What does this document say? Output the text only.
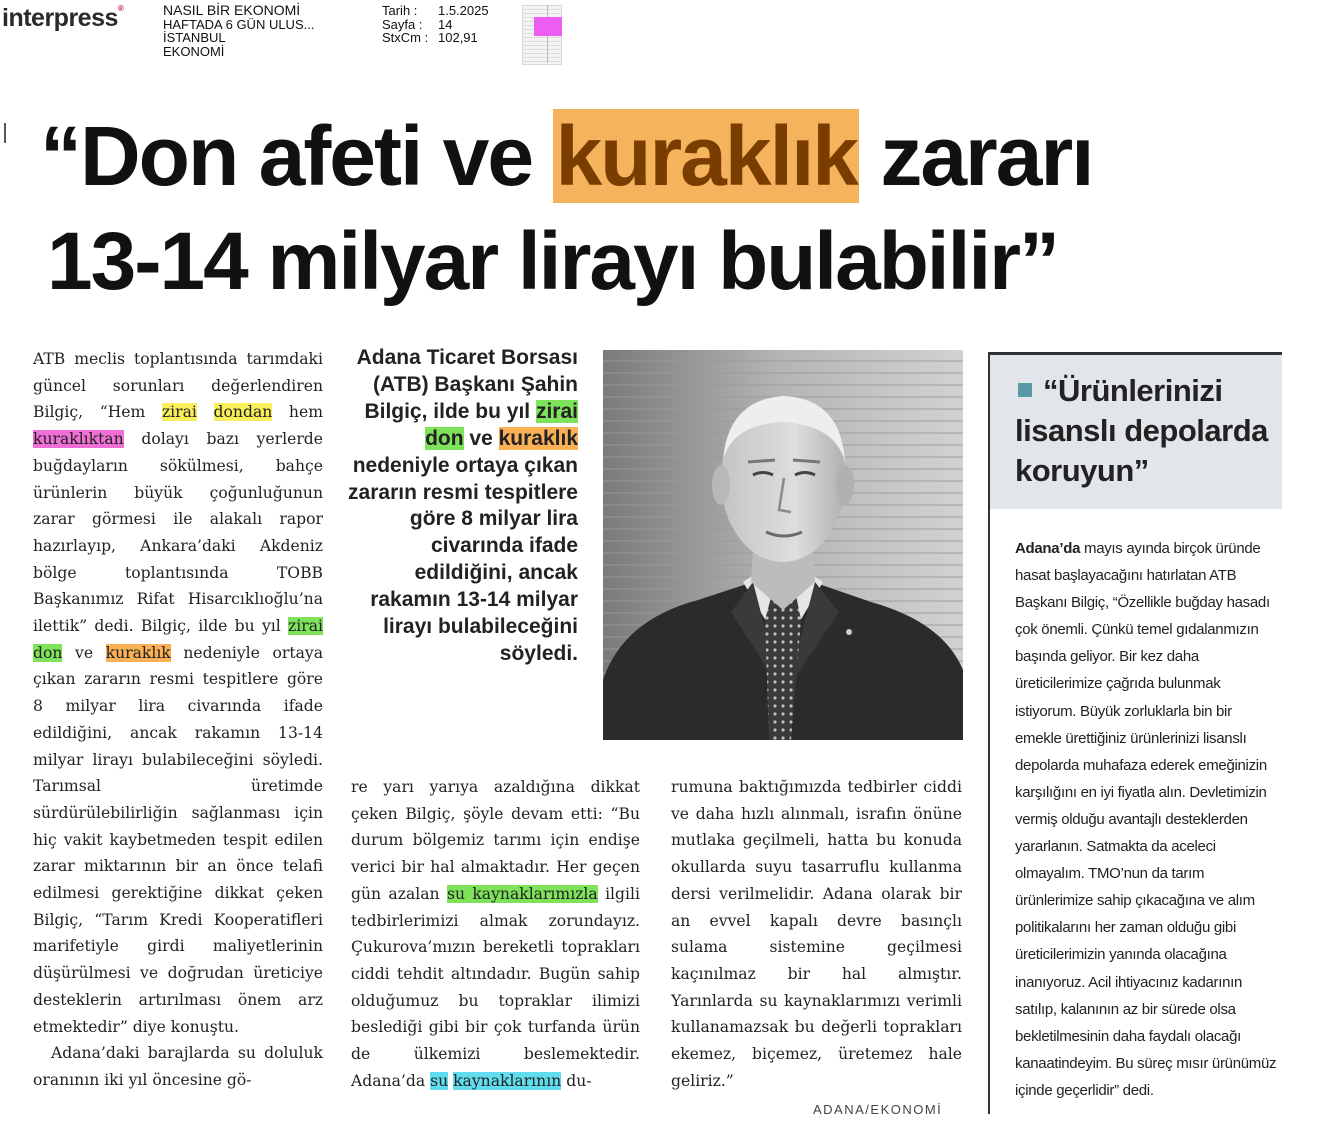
interpress®	NASIL BİR EKONOMİ
HAFTADA 6 GÜN ULUS...
İSTANBUL
EKONOMİ
Tarih : 1.5.2025
Sayfa : 14
StxCm : 102,91
“Don afeti ve kuraklık zararı
13-14 milyar lirayı bulabilir”

ATB meclis toplantısında tarımdaki güncel sorunları değerlendiren Bilgiç, “Hem zirai dondan hem kuraklıktan dolayı bazı yerlerde buğdayların sökülmesi, bahçe ürünlerin büyük çoğunluğunun zarar görmesi ile alakalı rapor hazırlayıp, Ankara’daki Akdeniz bölge toplantısında TOBB Başkanımız Rifat Hisarcıklıoğlu’na ilettik” dedi. Bilgiç, ilde bu yıl zirai don ve kuraklık nedeniyle ortaya çıkan zararın resmi tespitlere göre 8 milyar lira civarında ifade edildiğini, ancak rakamın 13-14 milyar lirayı bulabileceğini söyledi. Tarımsal üretimde sürdürülebilirliğin sağlanması için hiç vakit kaybetmeden tespit edilen zarar miktarının bir an önce telafi edilmesi gerektiğine dikkat çeken Bilgiç, “Tarım Kredi Kooperatifleri marifetiyle girdi maliyetlerinin düşürülmesi ve doğrudan üreticiye desteklerin artırılması önem arz etmektedir” diye konuştu.

Adana’daki barajlarda su doluluk oranının iki yıl öncesine gö-

Adana Ticaret Borsası (ATB) Başkanı Şahin Bilgiç, ilde bu yıl zirai don ve kuraklık nedeniyle ortaya çıkan zararın resmi tespitlere göre 8 milyar lira civarında ifade edildiğini, ancak rakamın 13-14 milyar lirayı bulabileceğini söyledi.

re yarı yarıya azaldığına dikkat çeken Bilgiç, şöyle devam etti: “Bu durum bölgemiz tarımı için endişe verici bir hal almaktadır. Her geçen gün azalan su kaynaklarımızla ilgili tedbirlerimizi almak zorundayız. Çukurova’mızın bereketli toprakları ciddi tehdit altındadır. Bugün sahip olduğumuz bu topraklar ilimizi beslediği gibi bir çok turfanda ürün de ülkemizi beslemektedir. Adana’da su kaynaklarının du-

rumuna baktığımızda tedbirler ciddi ve daha hızlı alınmalı, israfın önüne mutlaka geçilmeli, hatta bu konuda okullarda suyu tasarruflu kullanma dersi verilmelidir. Adana olarak bir an evvel kapalı devre basınçlı sulama sistemine geçilmesi kaçınılmaz bir hal almıştır. Yarınlarda su kaynaklarımızı verimli kullanamazsak bu değerli toprakları ekemez, biçemez, üretemez hale geliriz.”

ADANA/EKONOMİ
“Ürünlerinizi lisanslı depolarda koruyun”
Adana’da mayıs ayında birçok üründe hasat başlayacağını hatırlatan ATB Başkanı Bilgiç, “Özellikle buğday hasadı çok önemli. Çünkü temel gıdalanmızın başında geliyor. Bir kez daha üreticilerimize çağrıda bulunmak istiyorum. Büyük zorluklarla bin bir emekle ürettiğiniz ürünlerinizi lisanslı depolarda muhafaza ederek emeğinizin karşılığını en iyi fiyatla alın. Devletimizin vermiş olduğu avantajlı desteklerden yararlanın. Satmakta da aceleci olmayalım. TMO’nun da tarım ürünlerimize sahip çıkacağına ve alım politikalarını her zaman olduğu gibi üreticilerimizin yanında olacağına inanıyoruz. Acil ihtiyacınız kadarının satılıp, kalanının az bir sürede olsa bekletilmesinin daha faydalı olacağı kanaatindeyim. Bu süreç mısır ürünümüz içinde geçerlidir” dedi.
